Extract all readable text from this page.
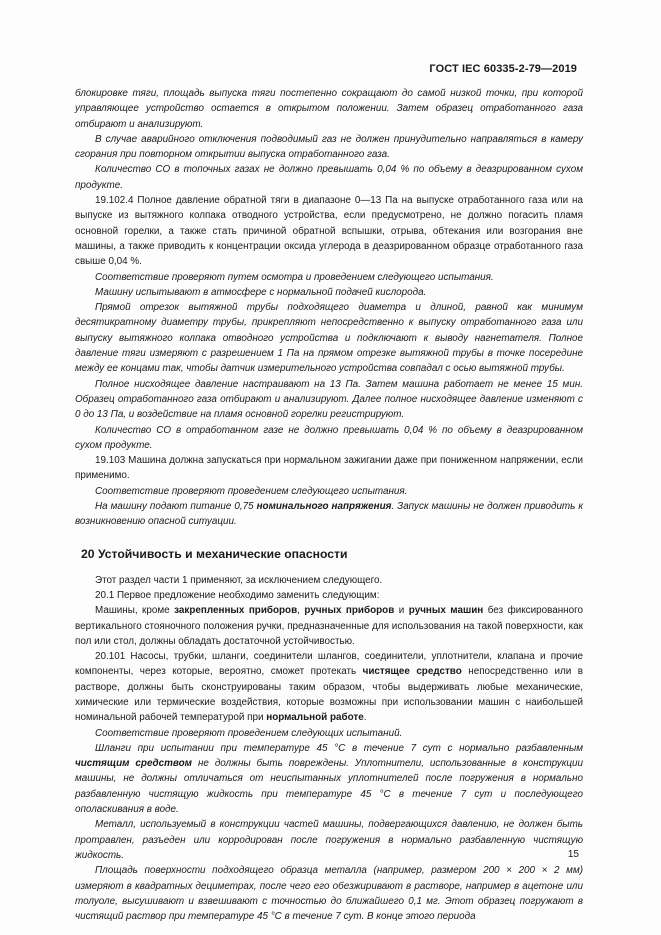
ГОСТ IEC 60335-2-79—2019

блокировке тяги, площадь выпуска тяги постепенно сокращают до самой низкой точки, при которой управляющее устройство остается в открытом положении. Затем образец отработанного газа отбирают и анализируют.

В случае аварийного отключения подводимый газ не должен принудительно направляться в камеру сгорания при повторном открытии выпуска отработанного газа.

Количество CO в топочных газах не должно превышать 0,04 % по объему в деазрированном сухом продукте.

19.102.4 Полное давление обратной тяги в диапазоне 0—13 Па на выпуске отработанного газа или на выпуске из вытяжного колпака отводного устройства, если предусмотрено, не должно погасить пламя основной горелки, а также стать причиной обратной вспышки, отрыва, обтекания или возгорания вне машины, а также приводить к концентрации оксида углерода в деазрированном образце отработанного газа свыше 0,04 %.

Соответствие проверяют путем осмотра и проведением следующего испытания.

Машину испытывают в атмосфере с нормальной подачей кислорода.

Прямой отрезок вытяжной трубы подходящего диаметра и длиной, равной как минимум десятикратному диаметру трубы, прикрепляют непосредственно к выпуску отработанного газа или выпуску вытяжного колпака отводного устройства и подключают к выводу нагнетателя. Полное давление тяги измеряют с разрешением 1 Па на прямом отрезке вытяжной трубы в точке посередине между ее концами так, чтобы датчик измерительного устройства совпадал с осью вытяжной трубы.

Полное нисходящее давление настраивают на 13 Па. Затем машина работает не менее 15 мин. Образец отработанного газа отбирают и анализируют. Далее полное нисходящее давление изменяют с 0 до 13 Па, и воздействие на пламя основной горелки регистрируют.

Количество CO в отработанном газе не должно превышать 0,04 % по объему в деазрированном сухом продукте.

19.103 Машина должна запускаться при нормальном зажигании даже при пониженном напряжении, если применимо.

Соответствие проверяют проведением следующего испытания.

На машину подают питание 0,75 номинального напряжения. Запуск машины не должен приводить к возникновению опасной ситуации.

20 Устойчивость и механические опасности

Этот раздел части 1 применяют, за исключением следующего.

20.1 Первое предложение необходимо заменить следующим:

Машины, кроме закрепленных приборов, ручных приборов и ручных машин без фиксированного вертикального стояночного положения ручки, предназначенные для использования на такой поверхности, как пол или стол, должны обладать достаточной устойчивостью.

20.101 Насосы, трубки, шланги, соединители шлангов, соединители, уплотнители, клапана и прочие компоненты, через которые, вероятно, сможет протекать чистящее средство непосредственно или в растворе, должны быть сконструированы таким образом, чтобы выдерживать любые механические, химические или термические воздействия, которые возможны при использовании машин с наибольшей номинальной рабочей температурой при нормальной работе.

Соответствие проверяют проведением следующих испытаний.

Шланги при испытании при температуре 45 °С в течение 7 сут с нормально разбавленным чистящим средством не должны быть повреждены. Уплотнители, использованные в конструкции машины, не должны отличаться от неиспытанных уплотнителей после погружения в нормально разбавленную чистящую жидкость при температуре 45 °С в течение 7 сут и последующего ополаскивания в воде.

Металл, используемый в конструкции частей машины, подвергающихся давлению, не должен быть протравлен, разъеден или корродирован после погружения в нормально разбавленную чистящую жидкость.

Площадь поверхности подходящего образца металла (например, размером 200 × 200 × 2 мм) измеряют в квадратных дециметрах, после чего его обезжиривают в растворе, например в ацетоне или толуоле, высушивают и взвешивают с точностью до ближайшего 0,1 мг. Этот образец погружают в чистящий раствор при температуре 45 °С в течение 7 сут. В конце этого периода

15
